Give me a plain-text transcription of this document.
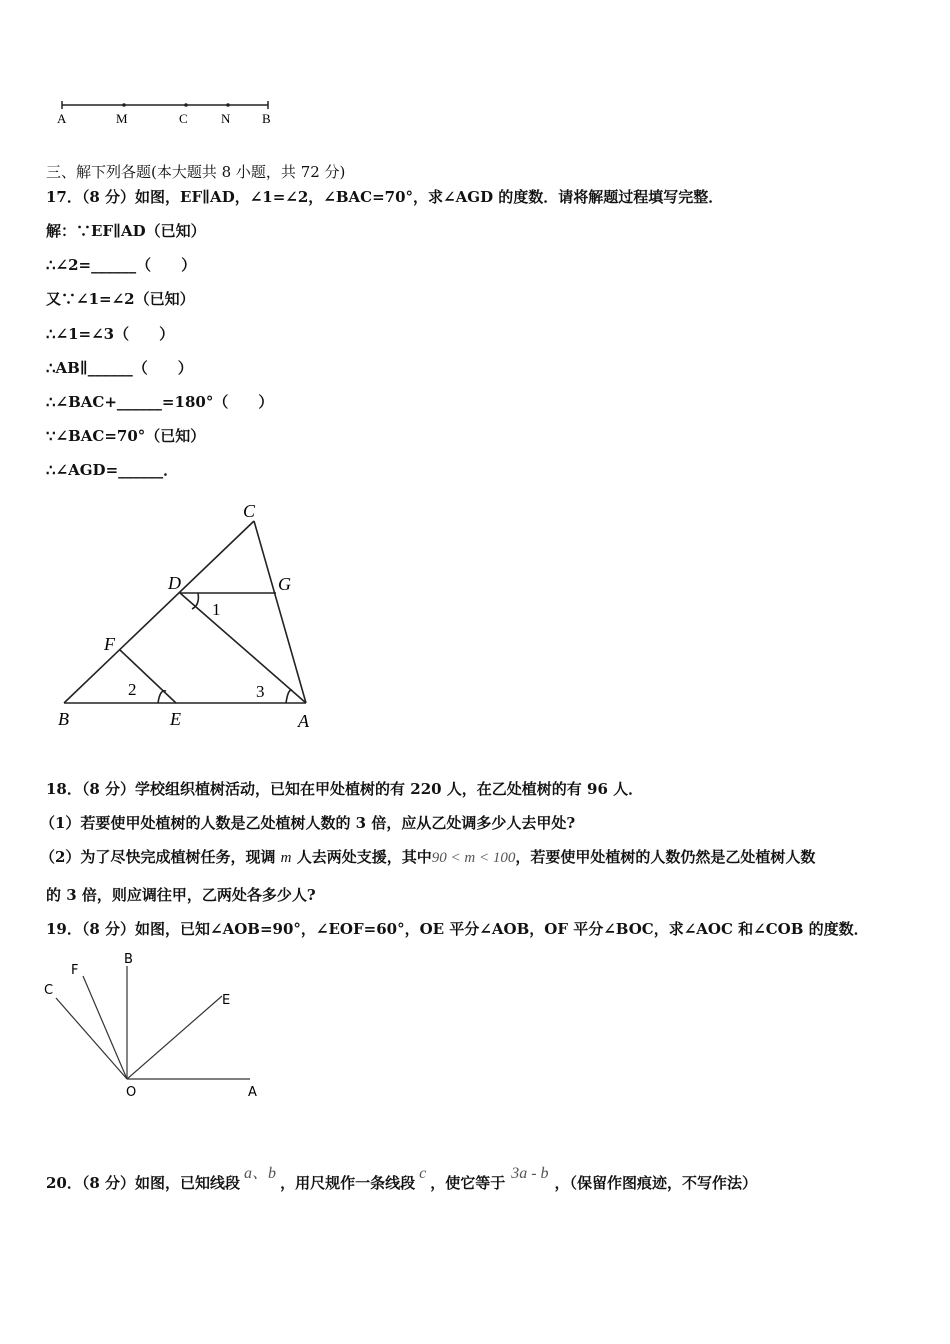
A	M	C	N B
三、解下列各题(本大题共 8 小题，共 72 分)
17．（8 分）如图，EF∥AD，∠1=∠2，∠BAC=70°，求∠AGD 的度数．请将解题过程填写完整．
解：∵EF∥AD（已知）
∴∠2=______（　　）
又∵∠1=∠2（已知）
∴∠1=∠3（　　）
∴AB∥______（　　）
∴∠BAC+______=180°（　　）
∵∠BAC=70°（已知）
∴∠AGD=______．
C
D	G
F
B	E	A
1
2	3
18．（8 分）学校组织植树活动，已知在甲处植树的有 220 人，在乙处植树的有 96 人．
（1）若要使甲处植树的人数是乙处植树人数的 3 倍，应从乙处调多少人去甲处?
（2）为了尽快完成植树任务，现调 m 人去两处支援，其中90 < m < 100，若要使甲处植树的人数仍然是乙处植树人数
的 3 倍，则应调往甲，乙两处各多少人?
19．（8 分）如图，已知∠AOB=90°，∠EOF=60°，OE 平分∠AOB，OF 平分∠BOC，求∠AOC 和∠COB 的度数．
B
F
C
E
O	A
20．（8 分）如图，已知线段a、b，用尺规作一条线段c，使它等于3a - b，（保留作图痕迹，不写作法）
